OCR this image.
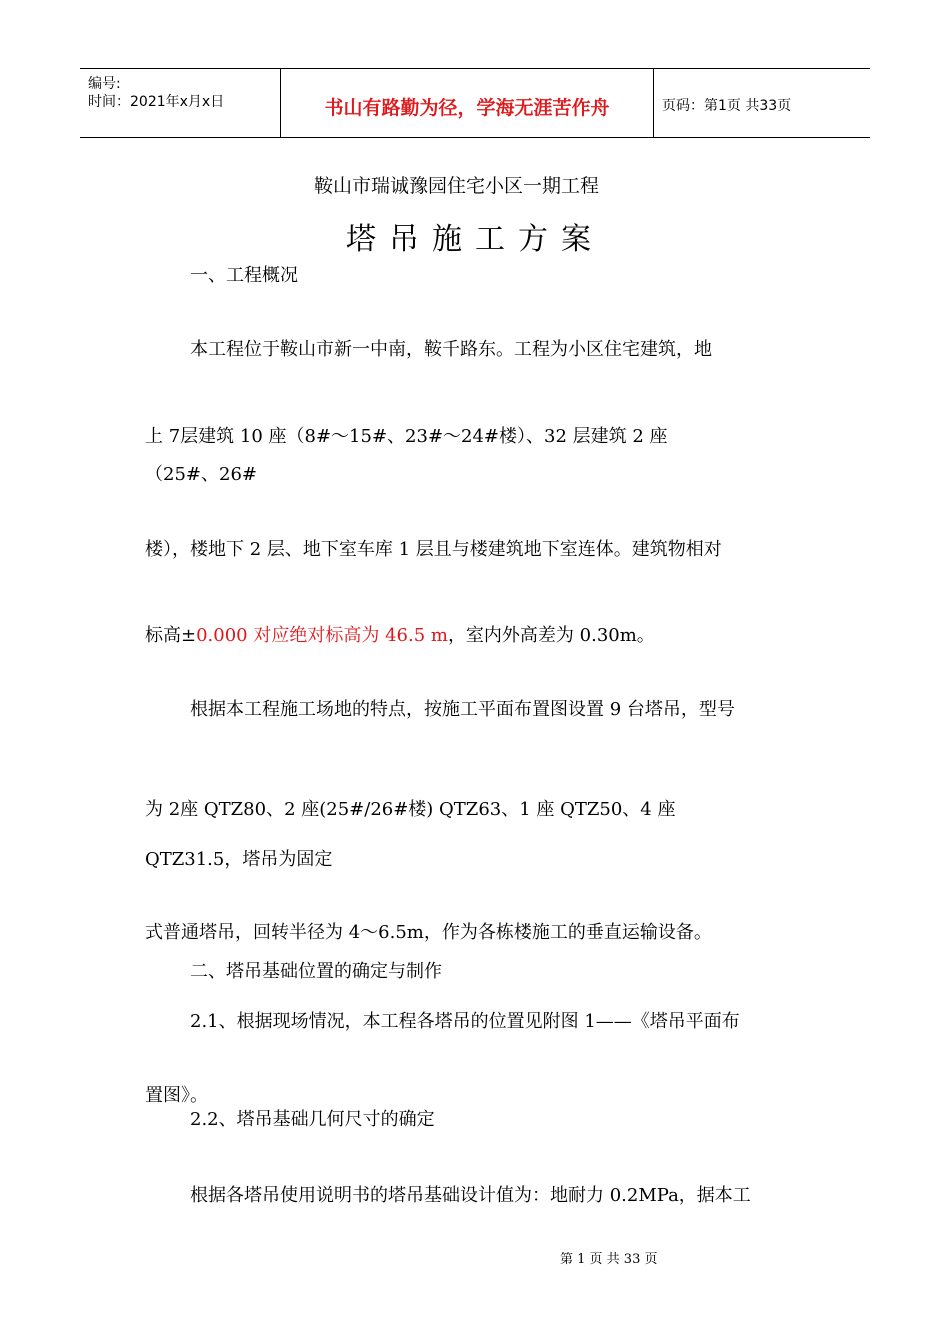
编号:
时间：2021年x月x日	书山有路勤为径，学海无涯苦作舟	页码：第1页 共33页
鞍山市瑞诚豫园住宅小区一期工程
塔吊施工方案
一、工程概况
本工程位于鞍山市新一中南，鞍千路东。工程为小区住宅建筑，地
上 7层建筑 10 座（8#～15#、23#～24#楼）、32 层建筑 2 座
（25#、26#
楼），楼地下 2 层、地下室车库 1 层且与楼建筑地下室连体。建筑物相对
标高±0.000 对应绝对标高为 46.5 m，室内外高差为 0.30m。
根据本工程施工场地的特点，按施工平面布置图设置 9 台塔吊，型号
为 2座 QTZ80、2 座(25#/26#楼) QTZ63、1 座 QTZ50、4 座
QTZ31.5，塔吊为固定
式普通塔吊，回转半径为 4～6.5m，作为各栋楼施工的垂直运输设备。
二、塔吊基础位置的确定与制作
2.1、根据现场情况，本工程各塔吊的位置见附图 1——《塔吊平面布
置图》。
2.2、塔吊基础几何尺寸的确定
根据各塔吊使用说明书的塔吊基础设计值为：地耐力 0.2MPa，据本工
第 1 页 共 33 页
